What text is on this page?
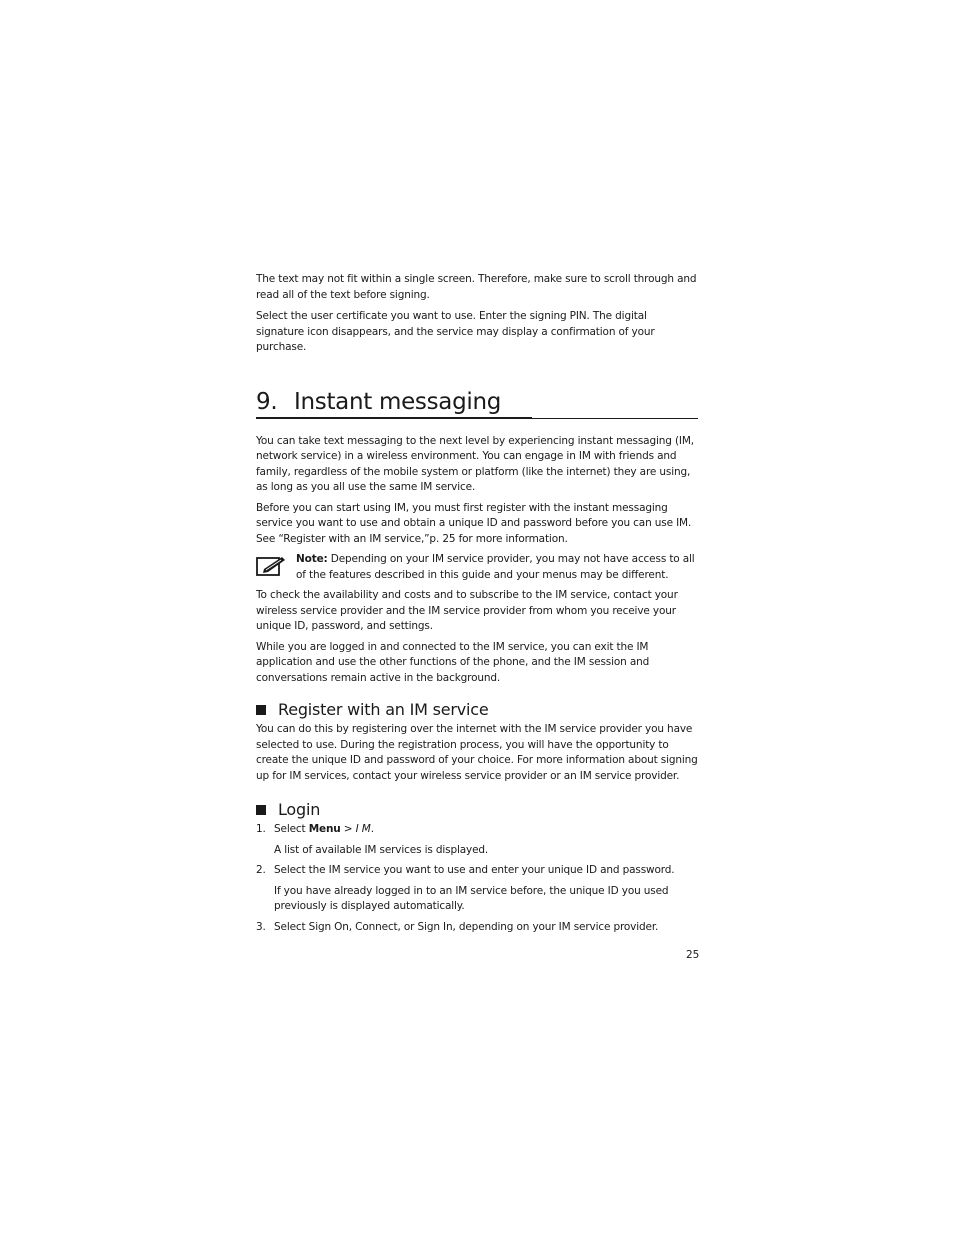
The text may not fit within a single screen. Therefore, make sure to scroll through and read all of the text before signing.

Select the user certificate you want to use. Enter the signing PIN. The digital signature icon disappears, and the service may display a confirmation of your purchase.

9. Instant messaging

You can take text messaging to the next level by experiencing instant messaging (IM, network service) in a wireless environment. You can engage in IM with friends and family, regardless of the mobile system or platform (like the internet) they are using, as long as you all use the same IM service.

Before you can start using IM, you must first register with the instant messaging service you want to use and obtain a unique ID and password before you can use IM. See “Register with an IM service,”p. 25 for more information.

Note: Depending on your IM service provider, you may not have access to all of the features described in this guide and your menus may be different.

To check the availability and costs and to subscribe to the IM service, contact your wireless service provider and the IM service provider from whom you receive your unique ID, password, and settings.

While you are logged in and connected to the IM service, you can exit the IM application and use the other functions of the phone, and the IM session and conversations remain active in the background.

Register with an IM service

You can do this by registering over the internet with the IM service provider you have selected to use. During the registration process, you will have the opportunity to create the unique ID and password of your choice. For more information about signing up for IM services, contact your wireless service provider or an IM service provider.

Login
1. Select Menu > I M.

A list of available IM services is displayed.

2. Select the IM service you want to use and enter your unique ID and password.

If you have already logged in to an IM service before, the unique ID you used previously is displayed automatically.

3. Select Sign On, Connect, or Sign In, depending on your IM service provider.
25
